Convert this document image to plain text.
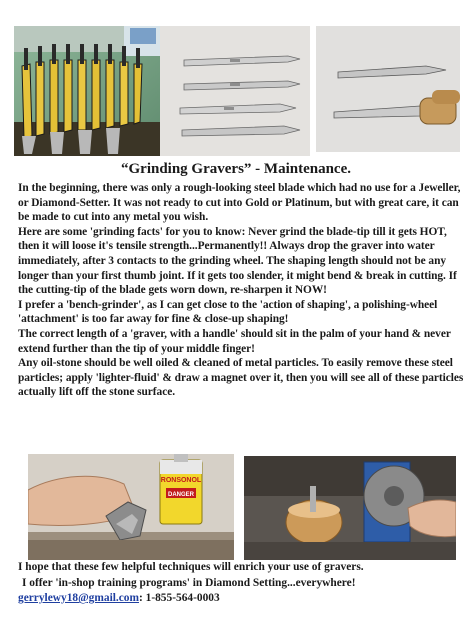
“Grinding Gravers” - Maintenance.

In the beginning, there was only a rough-looking steel blade which had no use for a Jeweller, or Diamond-Setter. It was not ready to cut into Gold or Platinum, but with great care, it can be made to cut into any metal you wish.

Here are some 'grinding facts' for you to know: Never grind the blade-tip till it gets HOT, then it will loose it's tensile strength...Permanently!! Always drop the graver into water immediately, after 3 contacts to the grinding wheel. The shaping length should not be any longer than your first thumb joint. If it gets too slender, it might bend & break in cutting. If the cutting-tip of the blade gets worn down, re-sharpen it NOW!

I prefer a 'bench-grinder', as I can get close to the 'action of shaping', a polishing-wheel 'attachment' is too far away for fine & close-up shaping!

The correct length of a 'graver, with a handle' should sit in the palm of your hand & never extend further than the tip of your middle finger!

Any oil-stone should be well oiled & cleaned of metal particles. To easily remove these steel particles; apply 'lighter-fluid' & draw a magnet over it, then you will see all of these particles actually lift off the stone surface.

RONSONOL
DANGER

I hope that these few helpful techniques will enrich your use of gravers.

I offer 'in-shop training programs' in Diamond Setting...everywhere!

gerrylewy18@gmail.com: 1-855-564-0003
